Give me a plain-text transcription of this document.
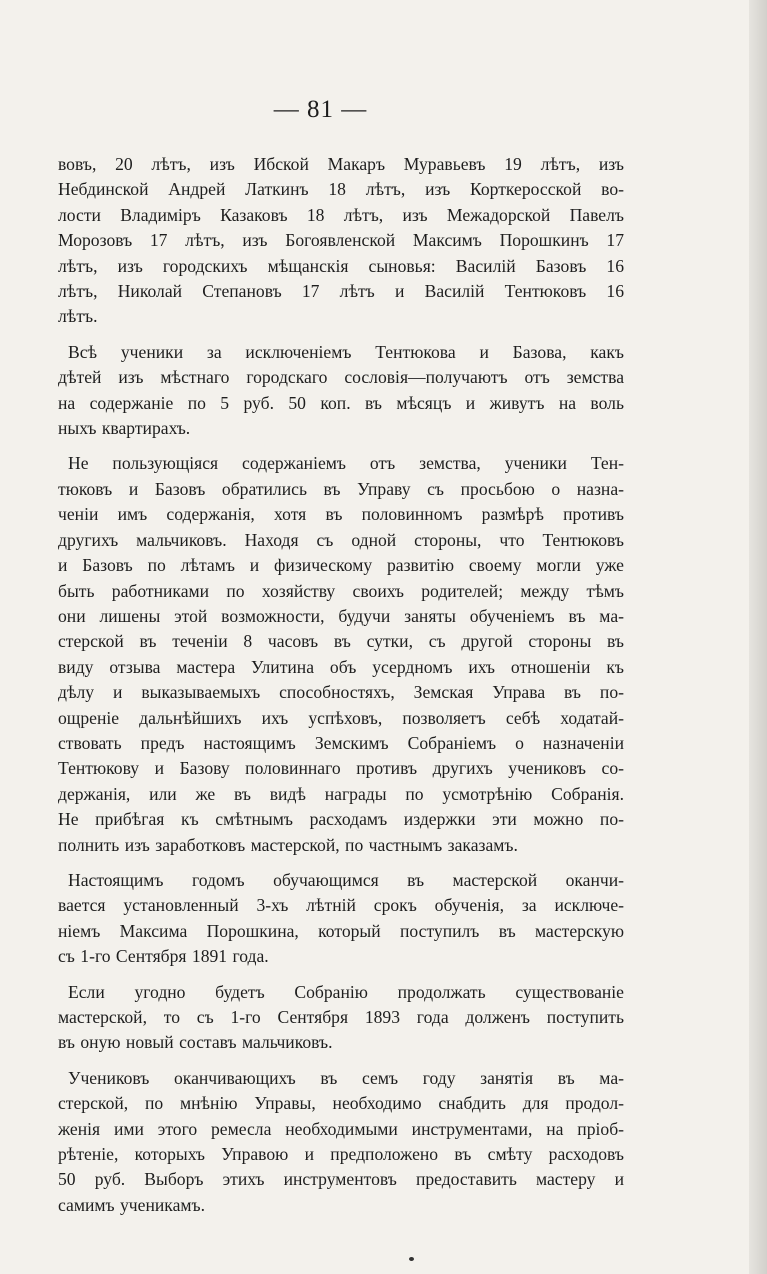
— 81 —

вовъ, 20 лѣтъ, изъ Ибской Макаръ Муравьевъ 19 лѣтъ, изъ
Небдинской Андрей Латкинъ 18 лѣтъ, изъ Корткеросской во-
лости Владиміръ Казаковъ 18 лѣтъ, изъ Межадорской Павелъ
Морозовъ 17 лѣтъ, изъ Богоявленской Максимъ Порошкинъ 17
лѣтъ, изъ городскихъ мѣщанскія сыновья: Василій Базовъ 16
лѣтъ, Николай Степановъ 17 лѣтъ и Василій Тентюковъ 16
лѣтъ.

Всѣ ученики за исключеніемъ Тентюкова и Базова, какъ
дѣтей изъ мѣстнаго городскаго сословія—получаютъ отъ земства
на содержаніе по 5 руб. 50 коп. въ мѣсяцъ и живутъ на воль
ныхъ квартирахъ.

Не пользующіяся содержаніемъ отъ земства, ученики Тен-
тюковъ и Базовъ обратились въ Управу съ просьбою о назна-
ченіи имъ содержанія, хотя въ половинномъ размѣрѣ противъ
другихъ мальчиковъ. Находя съ одной стороны, что Тентюковъ
и Базовъ по лѣтамъ и физическому развитію своему могли уже
быть работниками по хозяйству своихъ родителей; между тѣмъ
они лишены этой возможности, будучи заняты обученіемъ въ ма-
стерской въ теченіи 8 часовъ въ сутки, съ другой стороны въ
виду отзыва мастера Улитина объ усердномъ ихъ отношеніи къ
дѣлу и выказываемыхъ способностяхъ, Земская Управа въ по-
ощреніе дальнѣйшихъ ихъ успѣховъ, позволяетъ себѣ ходатай-
ствовать предъ настоящимъ Земскимъ Собраніемъ о назначеніи
Тентюкову и Базову половиннаго противъ другихъ учениковъ со-
держанія, или же въ видѣ награды по усмотрѣнію Собранія.
Не прибѣгая къ смѣтнымъ расходамъ издержки эти можно по-
полнить изъ заработковъ мастерской, по частнымъ заказамъ.

Настоящимъ годомъ обучающимся въ мастерской оканчи-
вается установленный 3-хъ лѣтній срокъ обученія, за исключе-
ніемъ Максима Порошкина, который поступилъ въ мастерскую
съ 1-го Сентября 1891 года.

Если угодно будетъ Собранію продолжать существованіе
мастерской, то съ 1-го Сентября 1893 года долженъ поступить
въ оную новый составъ мальчиковъ.

Учениковъ оканчивающихъ въ семъ году занятія въ ма-
стерской, по мнѣнію Управы, необходимо снабдить для продол-
женія ими этого ремесла необходимыми инструментами, на пріоб-
рѣтеніе, которыхъ Управою и предположено въ смѣту расходовъ
50 руб. Выборъ этихъ инструментовъ предоставить мастеру и
самимъ ученикамъ.
